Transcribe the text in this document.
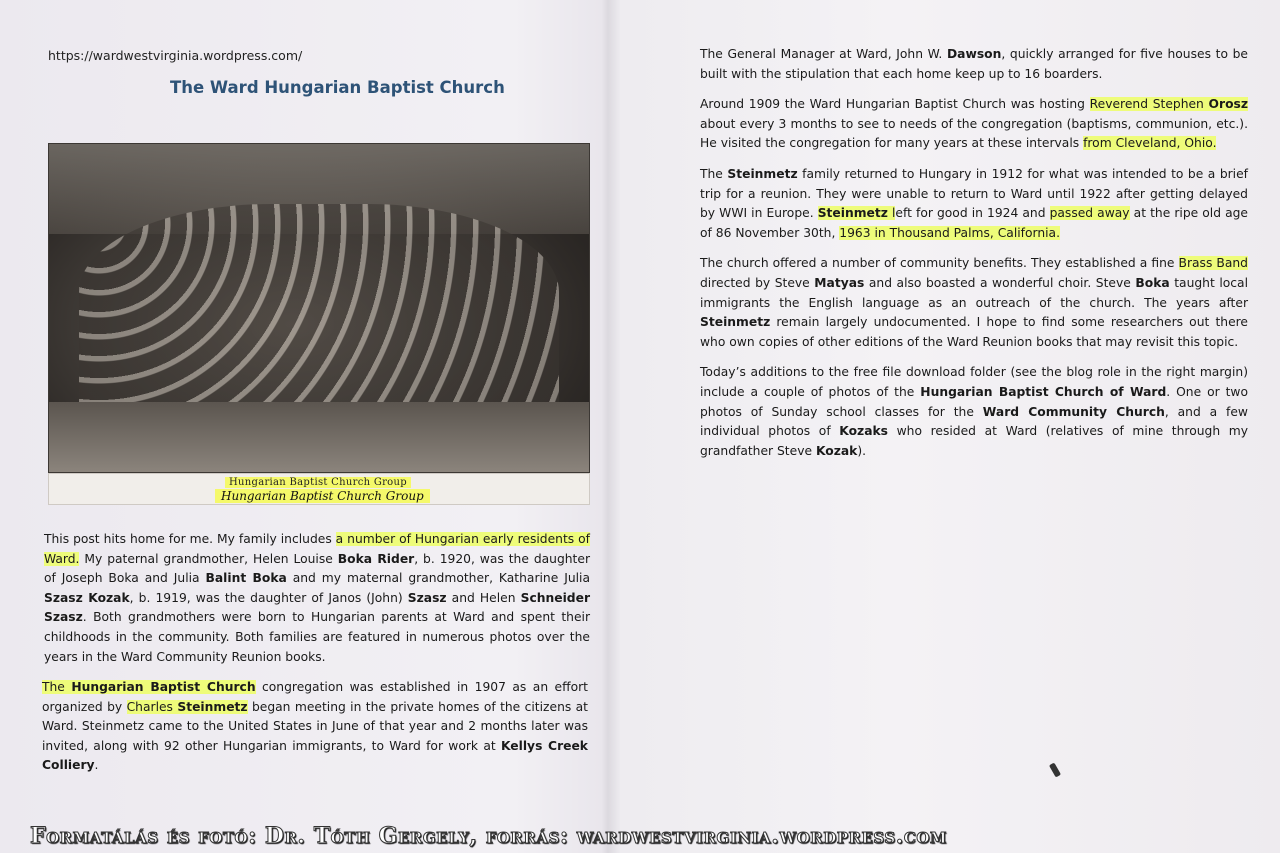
https://wardwestvirginia.wordpress.com/
The Ward Hungarian Baptist Church
Hungarian Baptist Church Group
Hungarian Baptist Church Group

This post hits home for me. My family includes a number of Hungarian early residents of Ward. My paternal grandmother, Helen Louise Boka Rider, b. 1920, was the daughter of Joseph Boka and Julia Balint Boka and my maternal grandmother, Katharine Julia Szasz Kozak, b. 1919, was the daughter of Janos (John) Szasz and Helen Schneider Szasz. Both grandmothers were born to Hungarian parents at Ward and spent their childhoods in the community. Both families are featured in numerous photos over the years in the Ward Community Reunion books.

The Hungarian Baptist Church congregation was established in 1907 as an effort organized by Charles Steinmetz began meeting in the private homes of the citizens at Ward. Steinmetz came to the United States in June of that year and 2 months later was invited, along with 92 other Hungarian immigrants, to Ward for work at Kellys Creek Colliery.

The General Manager at Ward, John W. Dawson, quickly arranged for five houses to be built with the stipulation that each home keep up to 16 boarders.

Around 1909 the Ward Hungarian Baptist Church was hosting Reverend Stephen Orosz about every 3 months to see to needs of the congregation (baptisms, communion, etc.). He visited the congregation for many years at these intervals from Cleveland, Ohio.

The Steinmetz family returned to Hungary in 1912 for what was intended to be a brief trip for a reunion. They were unable to return to Ward until 1922 after getting delayed by WWI in Europe. Steinmetz left for good in 1924 and passed away at the ripe old age of 86 November 30th, 1963 in Thousand Palms, California.

The church offered a number of community benefits. They established a fine Brass Band directed by Steve Matyas and also boasted a wonderful choir. Steve Boka taught local immigrants the English language as an outreach of the church. The years after Steinmetz remain largely undocumented. I hope to find some researchers out there who own copies of other editions of the Ward Reunion books that may revisit this topic.

Today’s additions to the free file download folder (see the blog role in the right margin) include a couple of photos of the Hungarian Baptist Church of Ward. One or two photos of Sunday school classes for the Ward Community Church, and a few individual photos of Kozaks who resided at Ward (relatives of mine through my grandfather Steve Kozak).

Formatálás és fotó: Dr. Tóth Gergely, forrás: wardwestvirginia.wordpress.com
